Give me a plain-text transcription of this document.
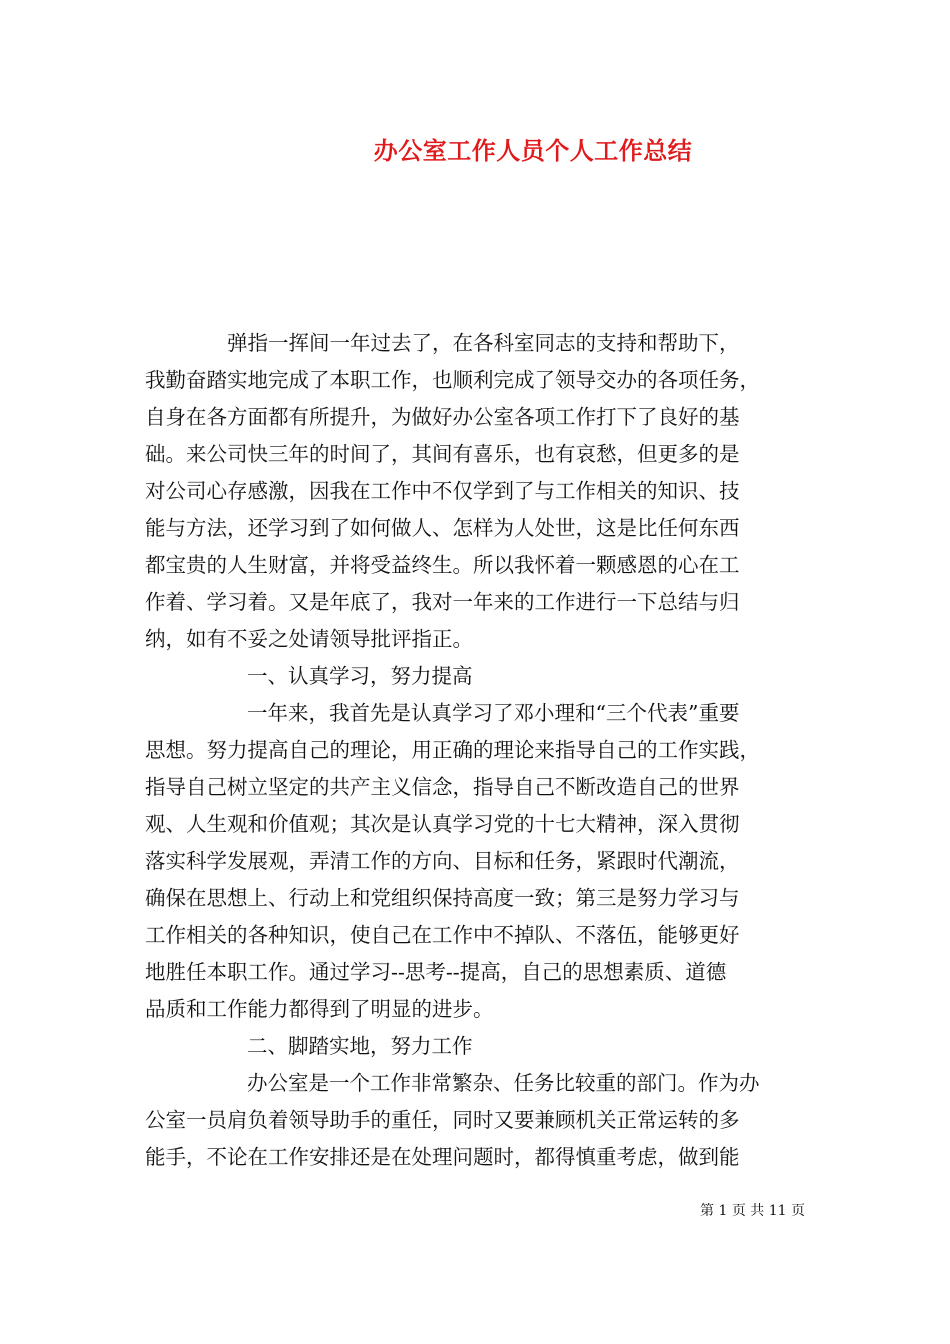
办公室工作人员个人工作总结
弹指一挥间一年过去了，在各科室同志的支持和帮助下，
我勤奋踏实地完成了本职工作，也顺利完成了领导交办的各项任务，
自身在各方面都有所提升，为做好办公室各项工作打下了良好的基
础。来公司快三年的时间了，其间有喜乐，也有哀愁，但更多的是
对公司心存感激，因我在工作中不仅学到了与工作相关的知识、技
能与方法，还学习到了如何做人、怎样为人处世，这是比任何东西
都宝贵的人生财富，并将受益终生。所以我怀着一颗感恩的心在工
作着、学习着。又是年底了，我对一年来的工作进行一下总结与归
纳，如有不妥之处请领导批评指正。
一、认真学习，努力提高
一年来，我首先是认真学习了邓小理和“三个代表”重要
思想。努力提高自己的理论，用正确的理论来指导自己的工作实践，
指导自己树立坚定的共产主义信念，指导自己不断改造自己的世界
观、人生观和价值观；其次是认真学习党的十七大精神，深入贯彻
落实科学发展观，弄清工作的方向、目标和任务，紧跟时代潮流，
确保在思想上、行动上和党组织保持高度一致；第三是努力学习与
工作相关的各种知识，使自己在工作中不掉队、不落伍，能够更好
地胜任本职工作。通过学习--思考--提高，自己的思想素质、道德
品质和工作能力都得到了明显的进步。
二、脚踏实地，努力工作
办公室是一个工作非常繁杂、任务比较重的部门。作为办
公室一员肩负着领导助手的重任，同时又要兼顾机关正常运转的多
能手，不论在工作安排还是在处理问题时，都得慎重考虑，做到能
第 1 页 共 11 页
